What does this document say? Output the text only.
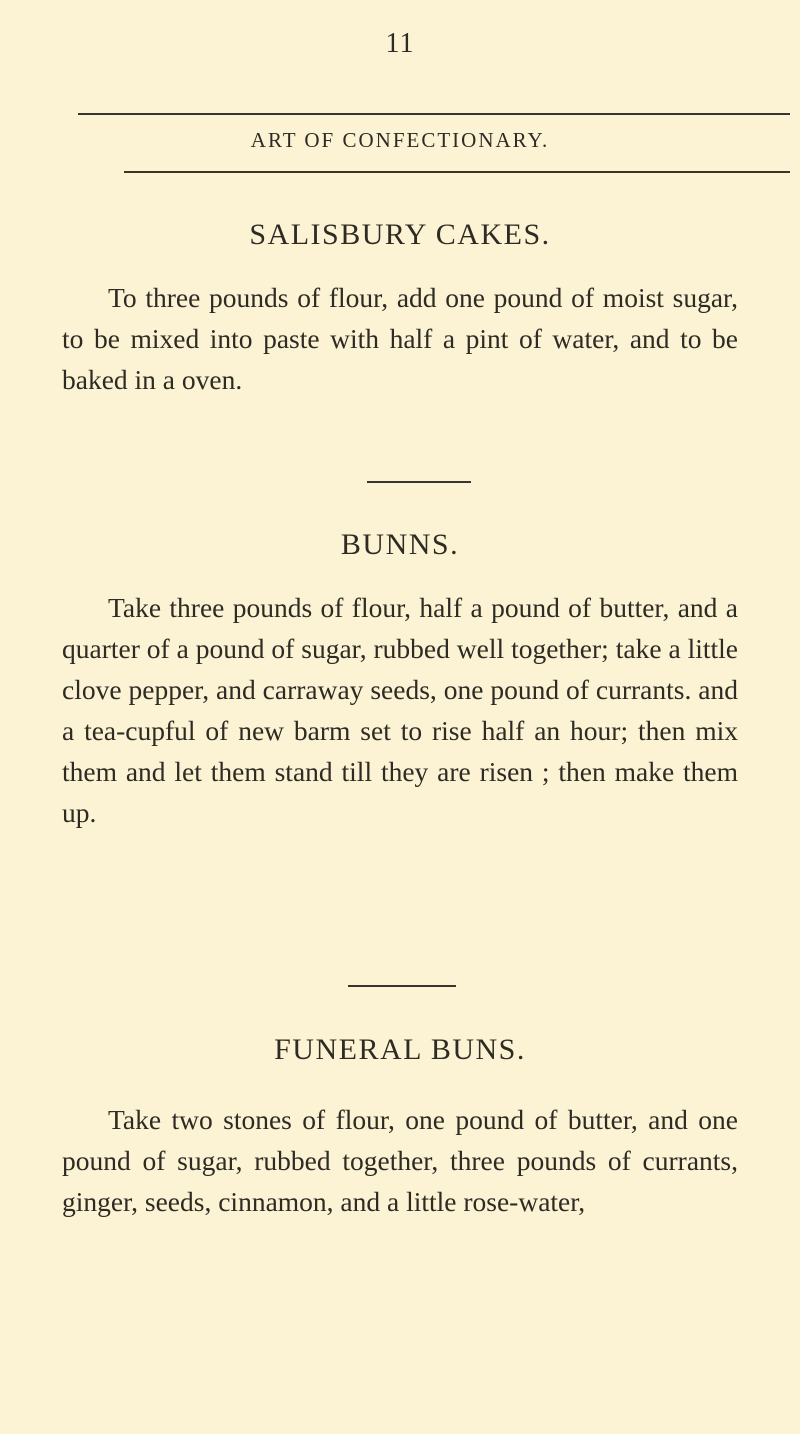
11
ART OF CONFECTIONARY.
SALISBURY CAKES.
To three pounds of flour, add one pound of moist sugar, to be mixed into paste with half a pint of water, and to be baked in a oven.
BUNNS.
Take three pounds of flour, half a pound of butter, and a quarter of a pound of sugar, rubbed well together; take a little clove pepper, and carraway seeds, one pound of currants. and a tea-cupful of new barm set to rise half an hour; then mix them and let them stand till they are risen ; then make them up.
FUNERAL BUNS.
Take two stones of flour, one pound of butter, and one pound of sugar, rubbed together, three pounds of currants, ginger, seeds, cinnamon, and a little rose-water,
